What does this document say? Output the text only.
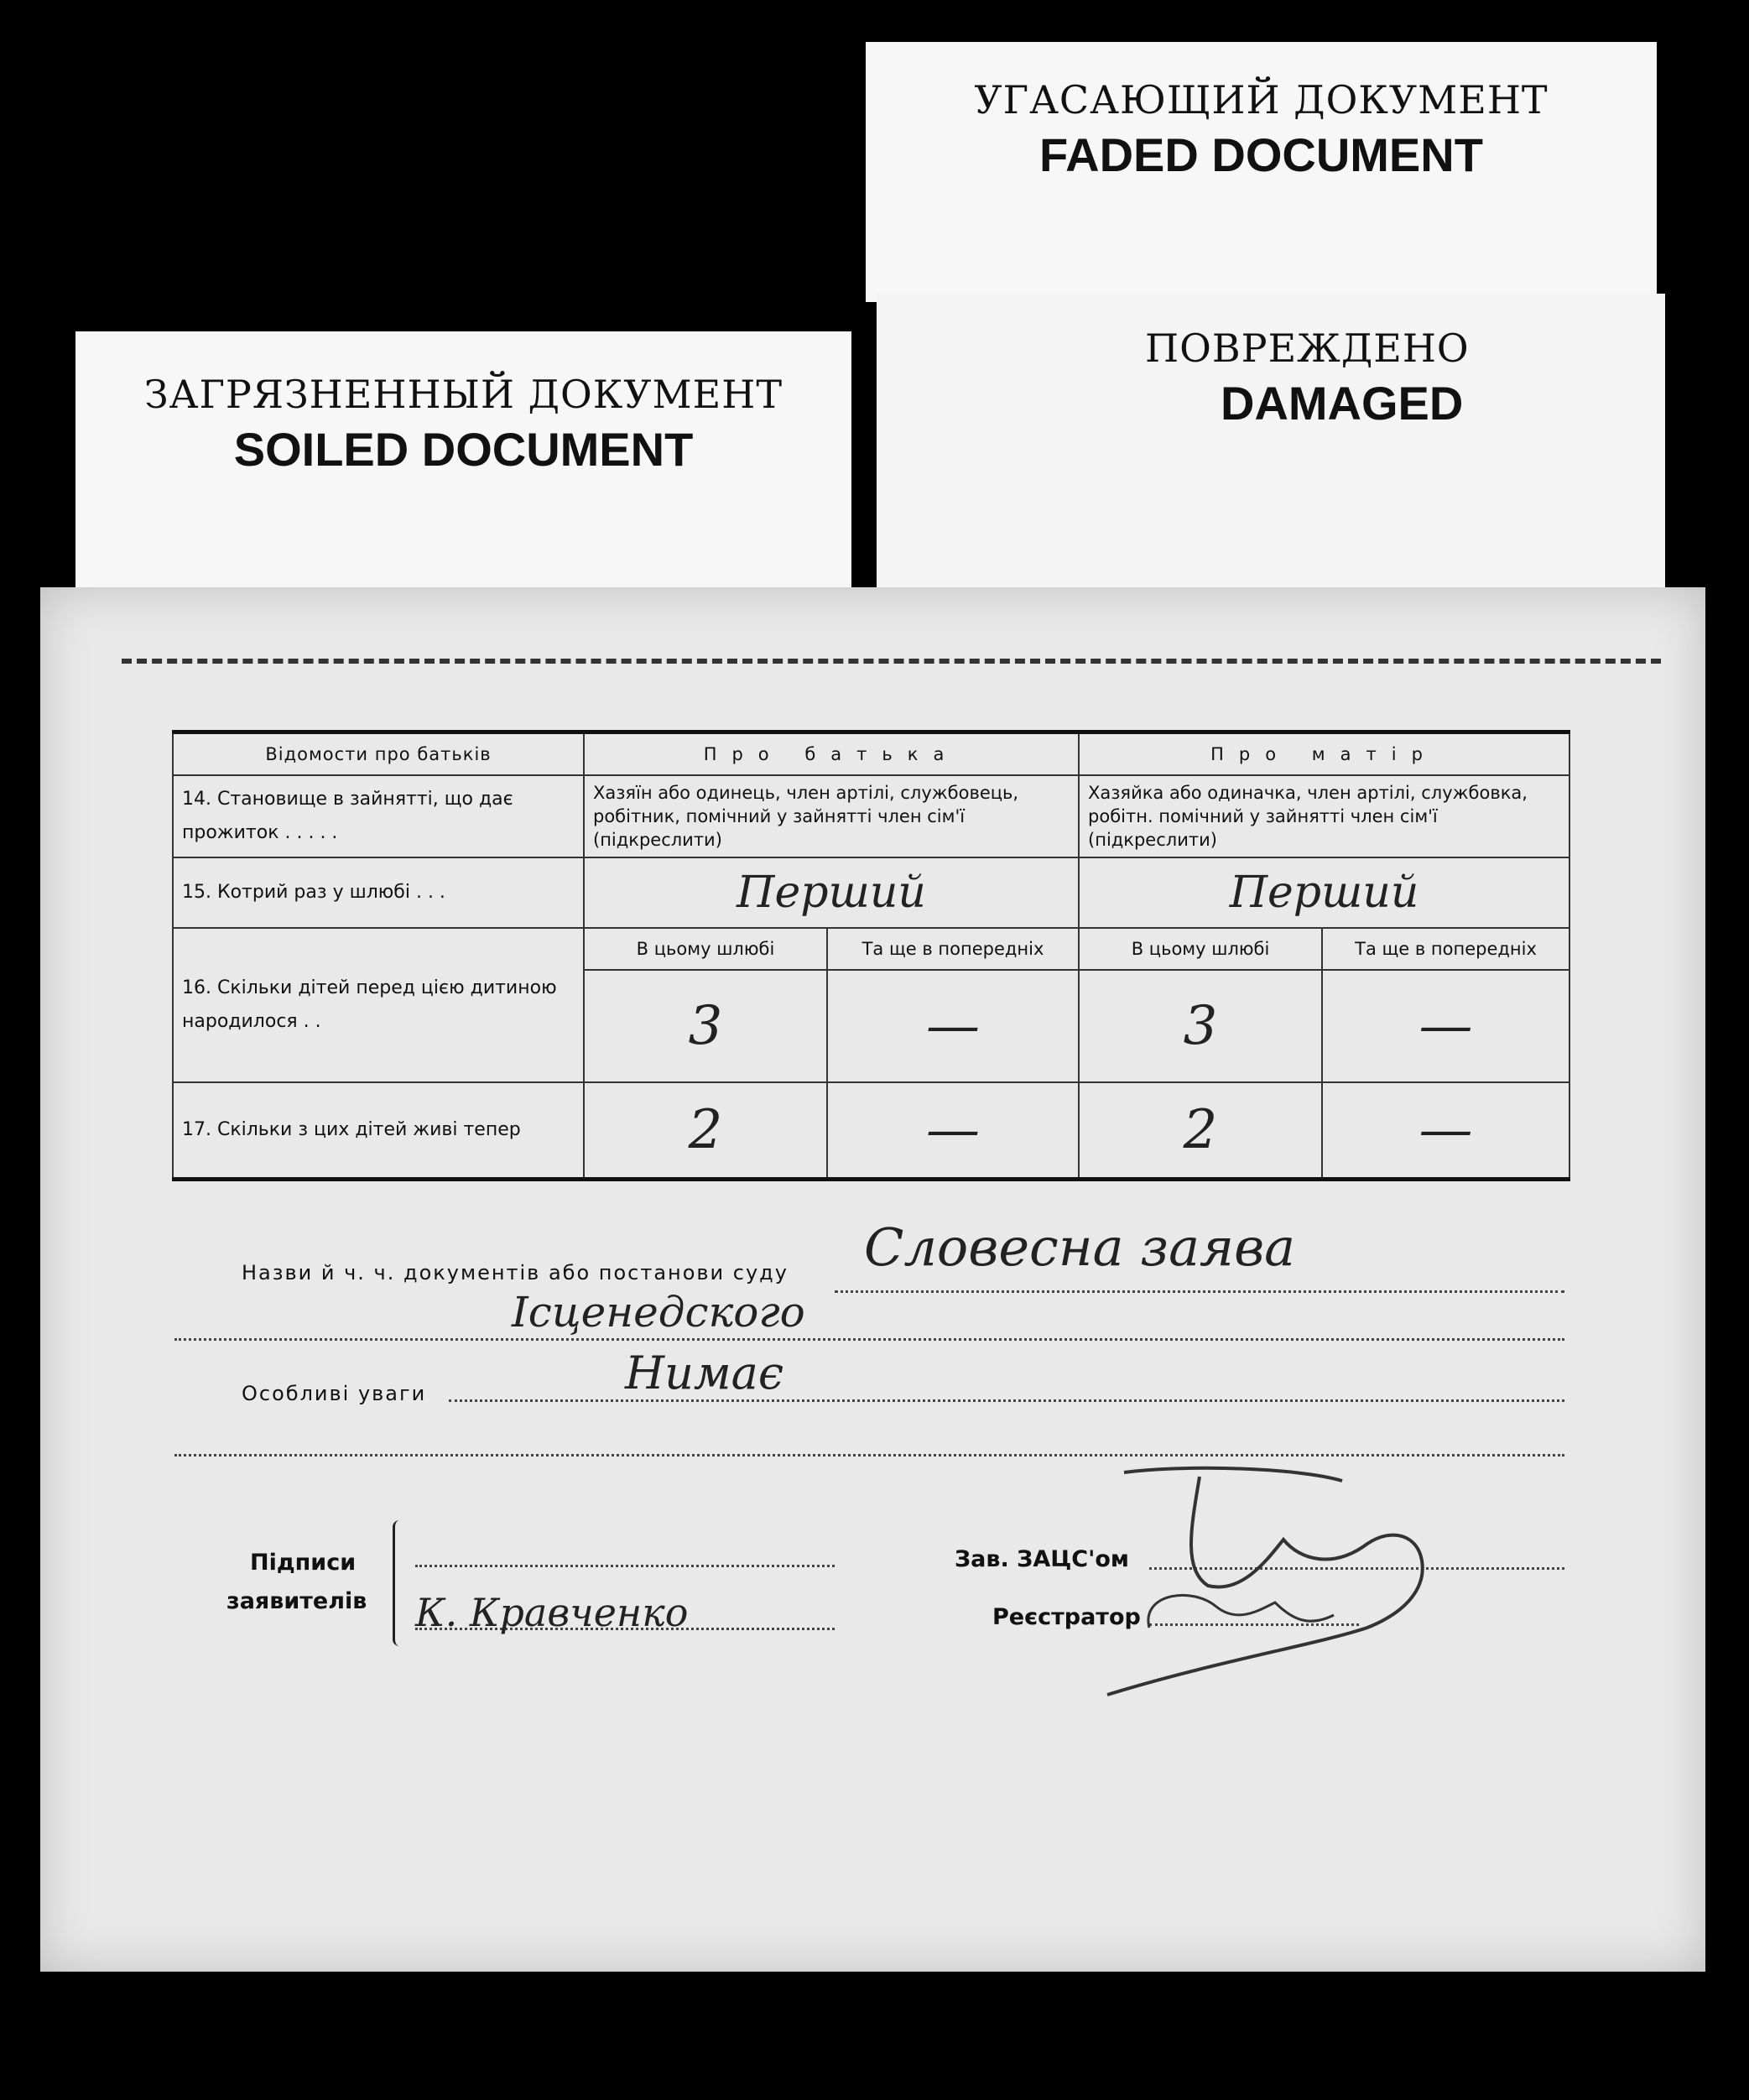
УГАСАЮЩИЙ ДОКУМЕНТ
FADED DOCUMENT
ПОВРЕЖДЕНО
DAMAGED
ЗАГРЯЗНЕННЫЙ ДОКУМЕНТ
SOILED DOCUMENT
Відомости про батьків	Про батька		Про матір	
14. Становище в зайнятті, що дає прожиток . . . . .	Хазяїн або одинець, член артілі, службовець, робітник, помічний у зайнятті член сім'ї (підкреслити)		Хазяйка або одиначка, член артілі, службовка, робітн. помічний у зайнятті член сім'ї (підкреслити)	
15. Котрий раз у шлюбі . . .	Перший		Перший	
16. Скільки дітей перед цією дитиною народилося . .	В цьому шлюбі	Та ще в попередніх	В цьому шлюбі	Та ще в попередніх
	3	—	3	—
17. Скільки з цих дітей живі тепер	2	—	2	—
Назви й ч. ч. документів або постанови суду Словесна заява
Ісценедского
Особливі уваги	Нимає
Підписи
заявителів К. Кравченко
Зав. ЗАЦС'ом
Реєстратор
